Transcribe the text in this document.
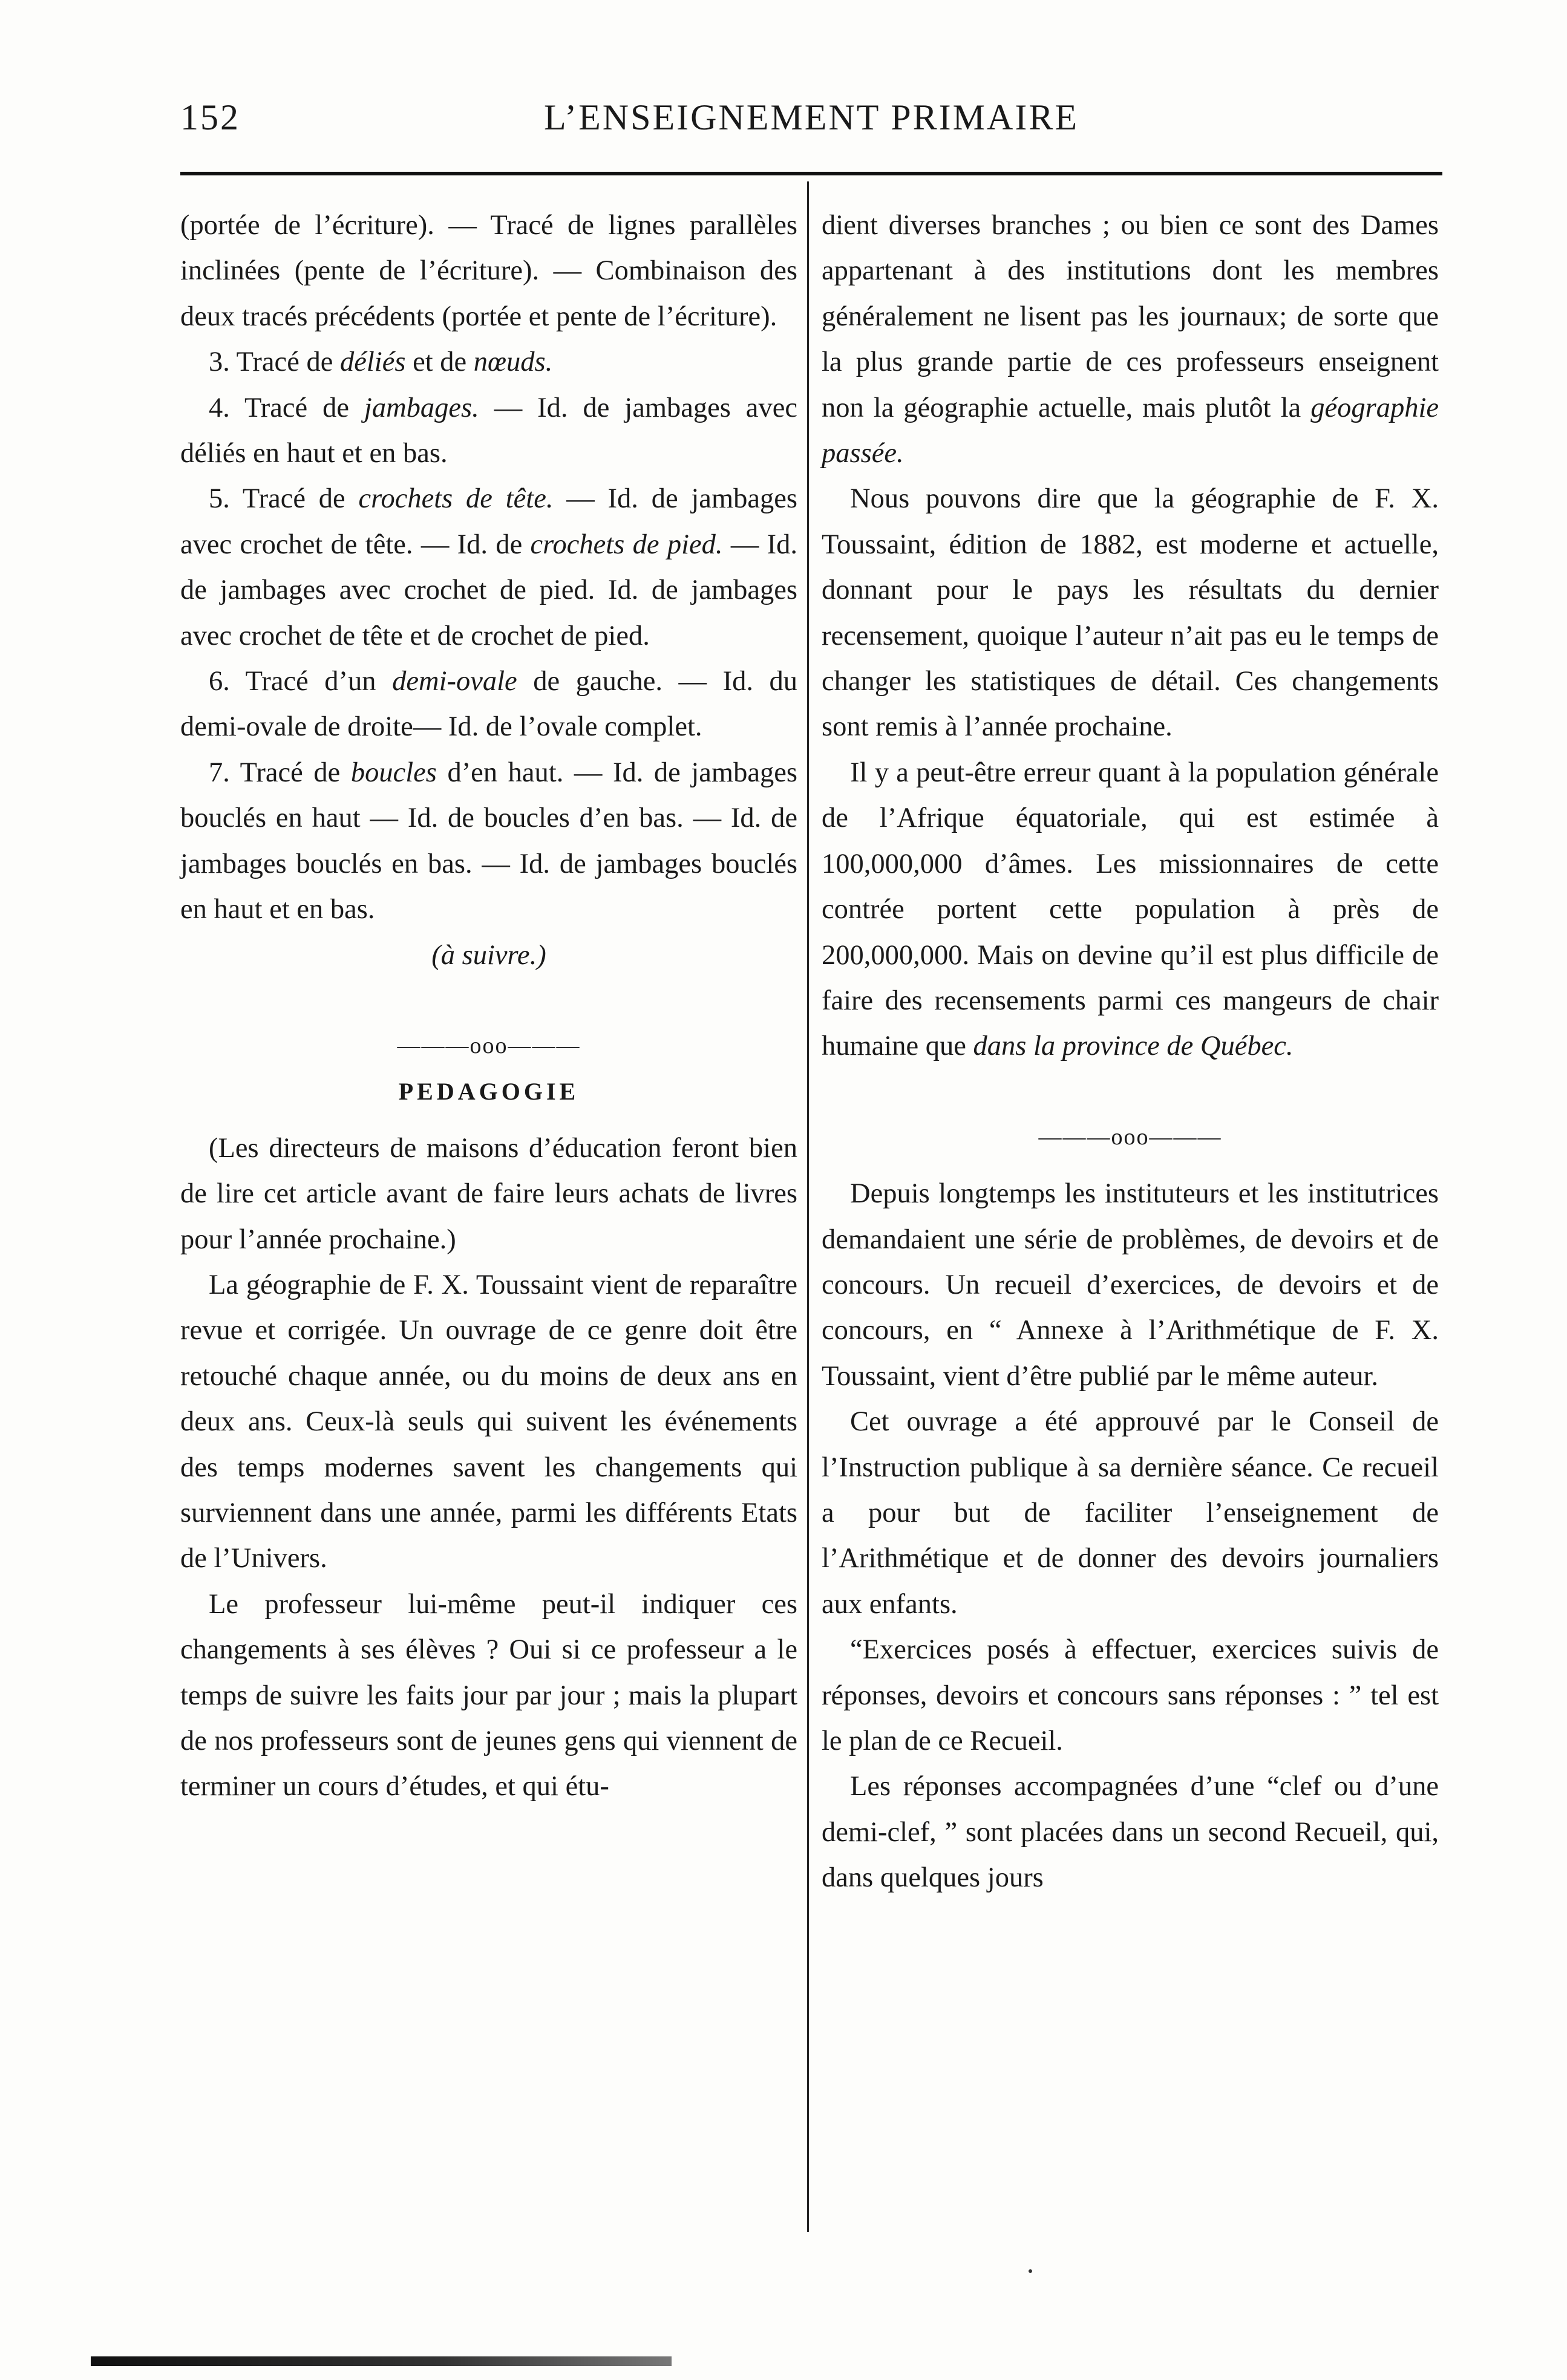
152	L’ENSEIGNEMENT PRIMAIRE

(portée de l’écriture). — Tracé de lignes parallèles inclinées (pente de l’écriture). — Combinaison des deux tracés précédents (portée et pente de l’écriture).

3. Tracé de déliés et de nœuds.

4. Tracé de jambages. — Id. de jambages avec déliés en haut et en bas.

5. Tracé de crochets de tête. — Id. de jambages avec crochet de tête. — Id. de crochets de pied. — Id. de jambages avec crochet de pied. Id. de jambages avec crochet de tête et de crochet de pied.

6. Tracé d’un demi-ovale de gauche. — Id. du demi-ovale de droite— Id. de l’ovale complet.

7. Tracé de boucles d’en haut. — Id. de jambages bouclés en haut — Id. de boucles d’en bas. — Id. de jambages bouclés en bas. — Id. de jambages bouclés en haut et en bas.

(à suivre.)

———ooo———

PEDAGOGIE

(Les directeurs de maisons d’éducation feront bien de lire cet article avant de faire leurs achats de livres pour l’année prochaine.)

La géographie de F. X. Toussaint vient de reparaître revue et corrigée. Un ouvrage de ce genre doit être retouché chaque année, ou du moins de deux ans en deux ans. Ceux-là seuls qui suivent les événements des temps modernes savent les changements qui surviennent dans une année, parmi les différents Etats de l’Univers.

Le professeur lui-même peut-il indiquer ces changements à ses élèves ? Oui si ce professeur a le temps de suivre les faits jour par jour ; mais la plupart de nos professeurs sont de jeunes gens qui viennent de terminer un cours d’études, et qui étu-

dient diverses branches ; ou bien ce sont des Dames appartenant à des institutions dont les membres généralement ne lisent pas les journaux; de sorte que la plus grande partie de ces professeurs enseignent non la géographie actuelle, mais plutôt la géographie passée.

Nous pouvons dire que la géographie de F. X. Toussaint, édition de 1882, est moderne et actuelle, donnant pour le pays les résultats du dernier recensement, quoique l’auteur n’ait pas eu le temps de changer les statistiques de détail. Ces changements sont remis à l’année prochaine.

Il y a peut-être erreur quant à la population générale de l’Afrique équatoriale, qui est estimée à 100,000,000 d’âmes. Les missionnaires de cette contrée portent cette population à près de 200,000,000. Mais on devine qu’il est plus difficile de faire des recensements parmi ces mangeurs de chair humaine que dans la province de Québec.

———ooo———

Depuis longtemps les instituteurs et les institutrices demandaient une série de problèmes, de devoirs et de concours. Un recueil d’exercices, de devoirs et de concours, en “ Annexe à l’Arithmétique de F. X. Toussaint, vient d’être publié par le même auteur.

Cet ouvrage a été approuvé par le Conseil de l’Instruction publique à sa dernière séance. Ce recueil a pour but de faciliter l’enseignement de l’Arithmétique et de donner des devoirs journaliers aux enfants.

“Exercices posés à effectuer, exercices suivis de réponses, devoirs et concours sans réponses : ” tel est le plan de ce Recueil.

Les réponses accompagnées d’une “clef ou d’une demi-clef, ” sont placées dans un second Recueil, qui, dans quelques jours
